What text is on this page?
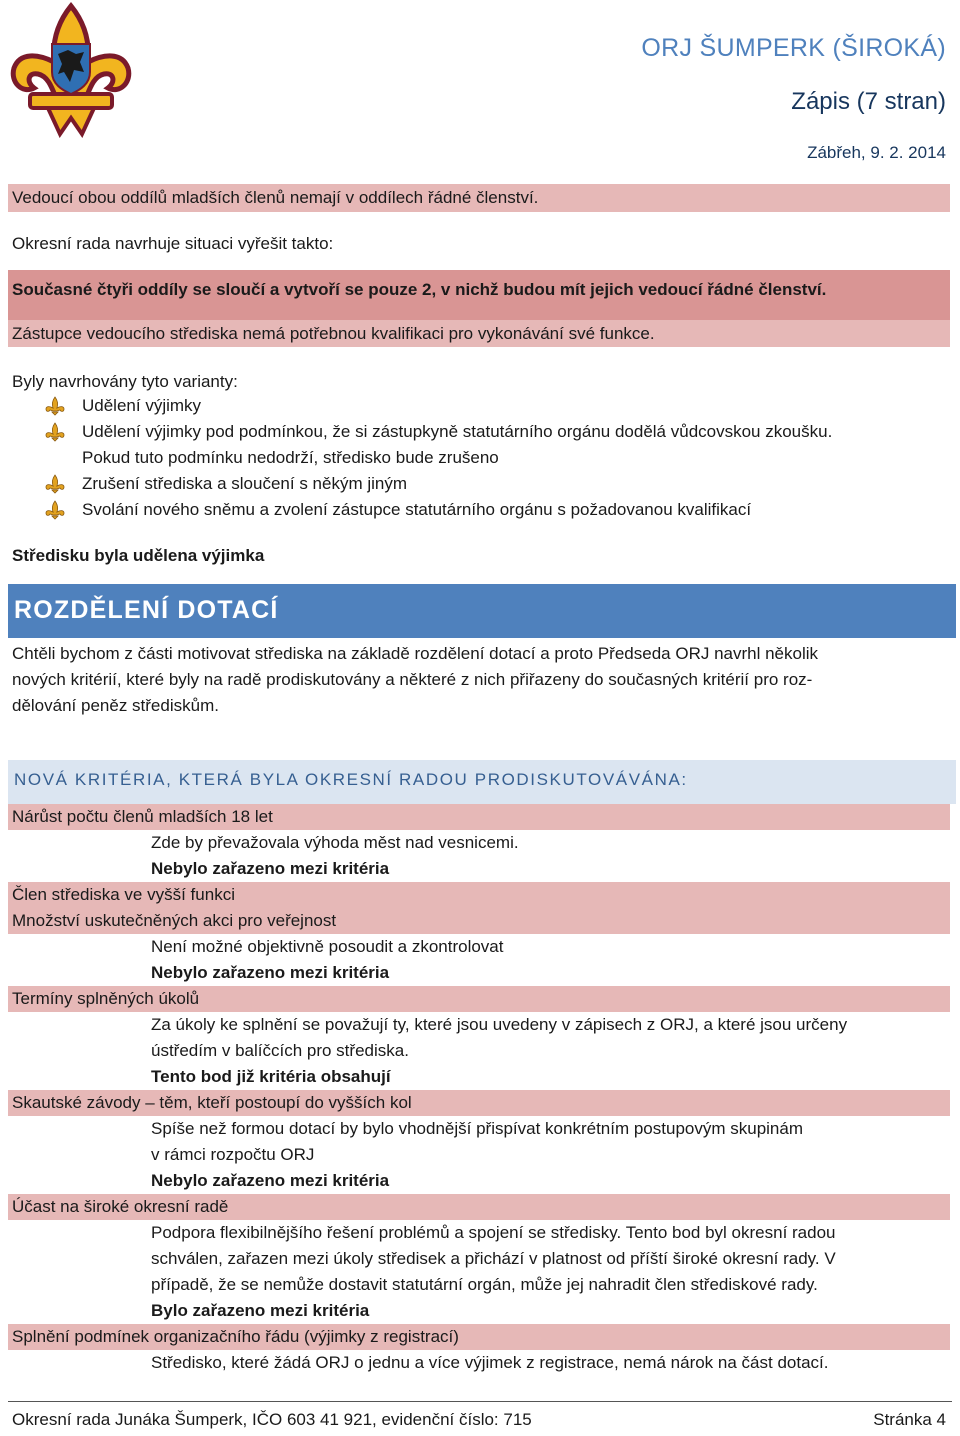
ORJ ŠUMPERK (ŠIROKÁ)
Zápis (7 stran)
Zábřeh, 9. 2. 2014
Vedoucí obou oddílů mladších členů nemají v oddílech řádné členství.
Okresní rada navrhuje situaci vyřešit takto:
Současné čtyři oddíly se sloučí a vytvoří se pouze 2, v nichž budou mít jejich vedoucí řádné členství.
Zástupce vedoucího střediska nemá potřebnou kvalifikaci pro vykonávání své funkce.
Byly navrhovány tyto varianty:
Udělení výjimky
Udělení výjimky pod podmínkou, že si zástupkyně statutárního orgánu dodělá vůdcovskou zkoušku.
Pokud tuto podmínku nedodrží, středisko bude zrušeno
Zrušení střediska a sloučení s někým jiným
Svolání nového sněmu a zvolení zástupce statutárního orgánu s požadovanou kvalifikací
Středisku byla udělena výjimka
ROZDĚLENÍ DOTACÍ
Chtěli bychom z části motivovat střediska na základě rozdělení dotací a proto Předseda ORJ navrhl několik
nových kritérií, které byly na radě prodiskutovány a některé z nich přiřazeny do současných kritérií pro roz-
dělování peněz střediskům.
NOVÁ KRITÉRIA, KTERÁ BYLA OKRESNÍ RADOU PRODISKUTOVÁVÁNA:
Nárůst počtu členů mladších 18 let
Zde by převažovala výhoda měst nad vesnicemi.
Nebylo zařazeno mezi kritéria
Člen střediska ve vyšší funkci
Množství uskutečněných akci pro veřejnost
Není možné objektivně posoudit a zkontrolovat
Nebylo zařazeno mezi kritéria
Termíny splněných úkolů
Za úkoly ke splnění se považují ty, které jsou uvedeny v zápisech z ORJ, a které jsou určeny
ústředím v balíčcích pro střediska.
Tento bod již kritéria obsahují
Skautské závody – těm, kteří postoupí do vyšších kol
Spíše než formou dotací by bylo vhodnější přispívat konkrétním postupovým skupinám
v rámci rozpočtu ORJ
Nebylo zařazeno mezi kritéria
Účast na široké okresní radě
Podpora flexibilnějšího řešení problémů a spojení se středisky. Tento bod byl okresní radou
schválen, zařazen mezi úkoly středisek a přichází v platnost od příští široké okresní rady. V
případě, že se nemůže dostavit statutární orgán, může jej nahradit člen střediskové rady.
Bylo zařazeno mezi kritéria
Splnění podmínek organizačního řádu (výjimky z registrací)
Středisko, které žádá ORJ o jednu a více výjimek z registrace, nemá nárok na část dotací.
Okresní rada Junáka Šumperk, IČO 603 41 921, evidenční číslo: 715	Stránka 4
